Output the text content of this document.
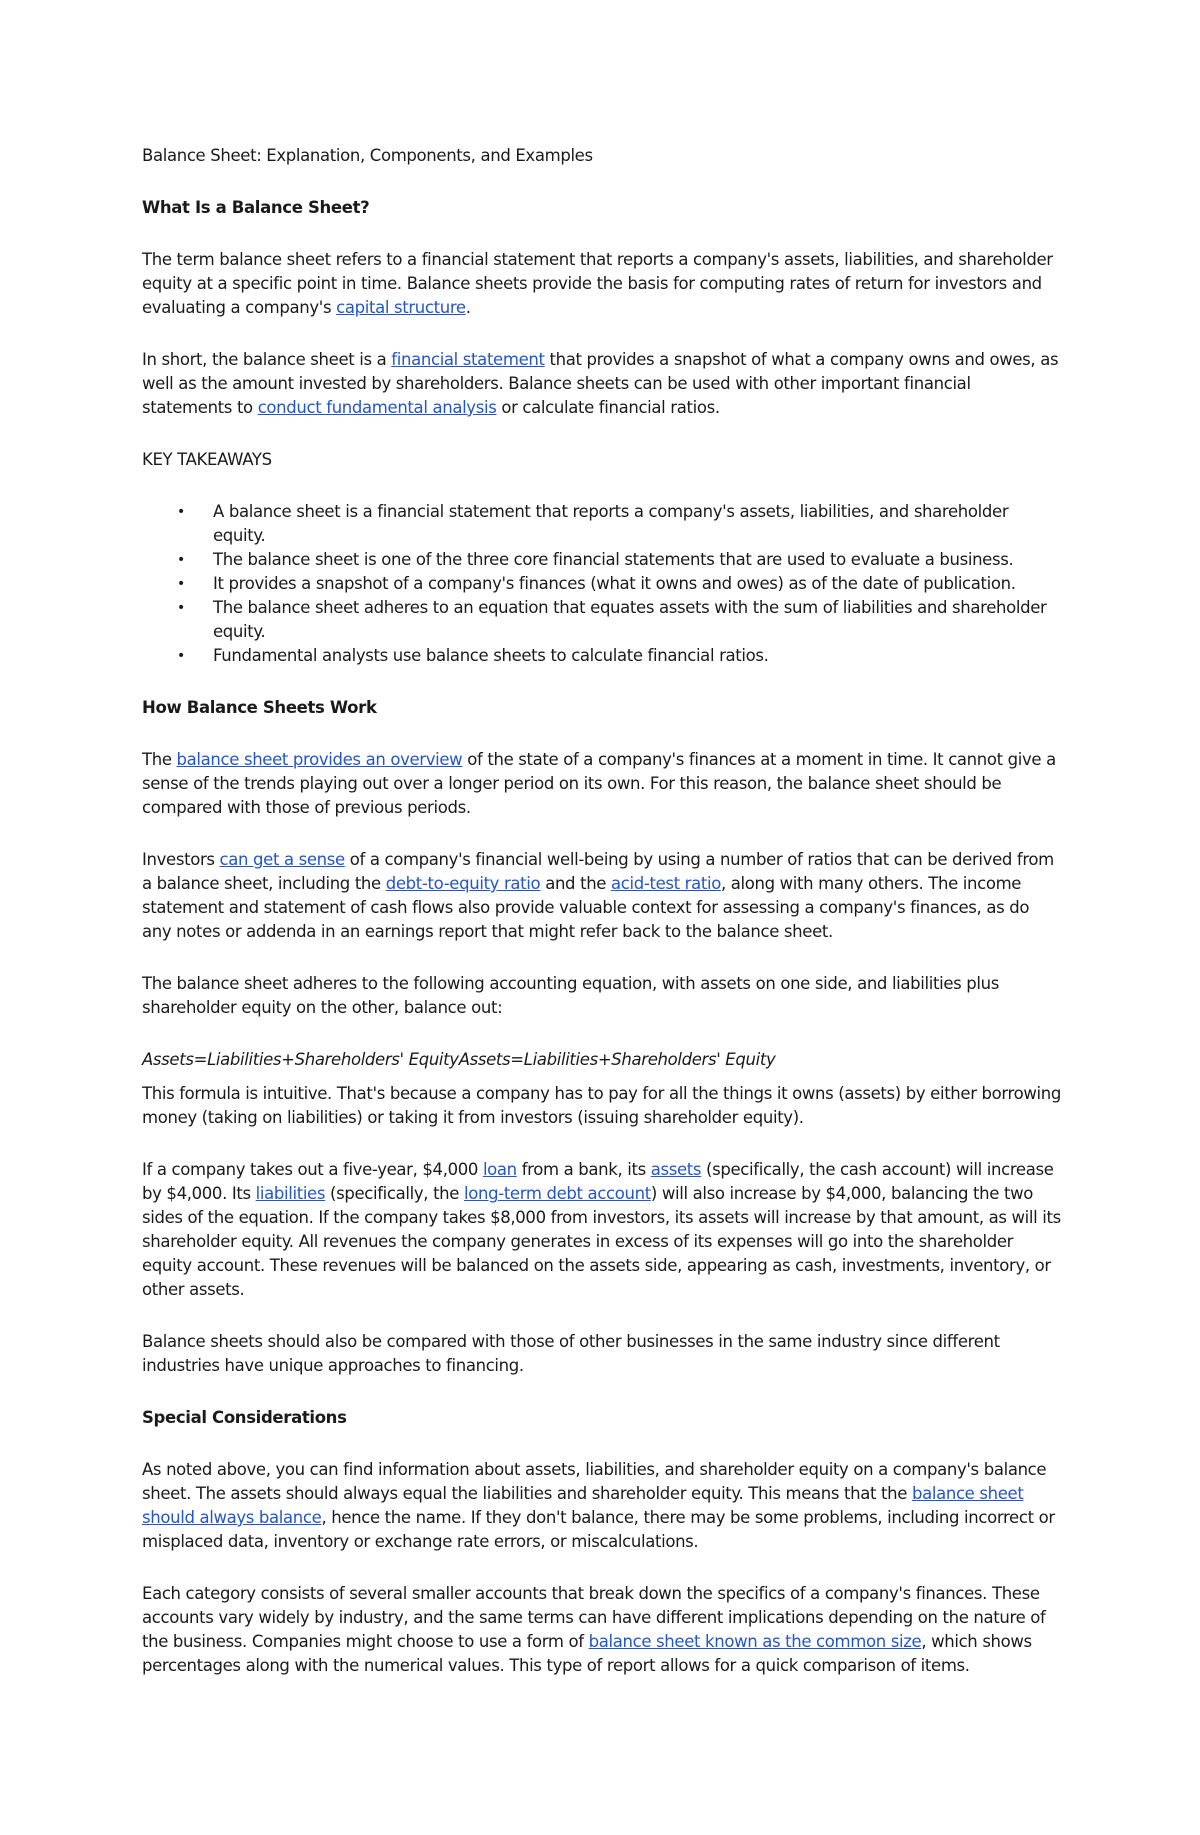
Balance Sheet: Explanation, Components, and Examples

What Is a Balance Sheet?

The term balance sheet refers to a financial statement that reports a company's assets, liabilities, and shareholder equity at a specific point in time. Balance sheets provide the basis for computing rates of return for investors and evaluating a company's capital structure.

In short, the balance sheet is a financial statement that provides a snapshot of what a company owns and owes, as well as the amount invested by shareholders. Balance sheets can be used with other important financial statements to conduct fundamental analysis or calculate financial ratios.

KEY TAKEAWAYS

• A balance sheet is a financial statement that reports a company's assets, liabilities, and shareholder equity.
• The balance sheet is one of the three core financial statements that are used to evaluate a business.
• It provides a snapshot of a company's finances (what it owns and owes) as of the date of publication.
• The balance sheet adheres to an equation that equates assets with the sum of liabilities and shareholder equity.
• Fundamental analysts use balance sheets to calculate financial ratios.
How Balance Sheets Work

The balance sheet provides an overview of the state of a company's finances at a moment in time. It cannot give a sense of the trends playing out over a longer period on its own. For this reason, the balance sheet should be compared with those of previous periods.

Investors can get a sense of a company's financial well-being by using a number of ratios that can be derived from a balance sheet, including the debt-to-equity ratio and the acid-test ratio, along with many others. The income statement and statement of cash flows also provide valuable context for assessing a company's finances, as do any notes or addenda in an earnings report that might refer back to the balance sheet.

The balance sheet adheres to the following accounting equation, with assets on one side, and liabilities plus shareholder equity on the other, balance out:

Assets=Liabilities+Shareholders' EquityAssets=Liabilities+Shareholders' Equity

This formula is intuitive. That's because a company has to pay for all the things it owns (assets) by either borrowing money (taking on liabilities) or taking it from investors (issuing shareholder equity).

If a company takes out a five-year, $4,000 loan from a bank, its assets (specifically, the cash account) will increase by $4,000. Its liabilities (specifically, the long-term debt account) will also increase by $4,000, balancing the two sides of the equation. If the company takes $8,000 from investors, its assets will increase by that amount, as will its shareholder equity. All revenues the company generates in excess of its expenses will go into the shareholder equity account. These revenues will be balanced on the assets side, appearing as cash, investments, inventory, or other assets.

Balance sheets should also be compared with those of other businesses in the same industry since different industries have unique approaches to financing.

Special Considerations

As noted above, you can find information about assets, liabilities, and shareholder equity on a company's balance sheet. The assets should always equal the liabilities and shareholder equity. This means that the balance sheet should always balance, hence the name. If they don't balance, there may be some problems, including incorrect or misplaced data, inventory or exchange rate errors, or miscalculations.

Each category consists of several smaller accounts that break down the specifics of a company's finances. These accounts vary widely by industry, and the same terms can have different implications depending on the nature of the business. Companies might choose to use a form of balance sheet known as the common size, which shows percentages along with the numerical values. This type of report allows for a quick comparison of items.
